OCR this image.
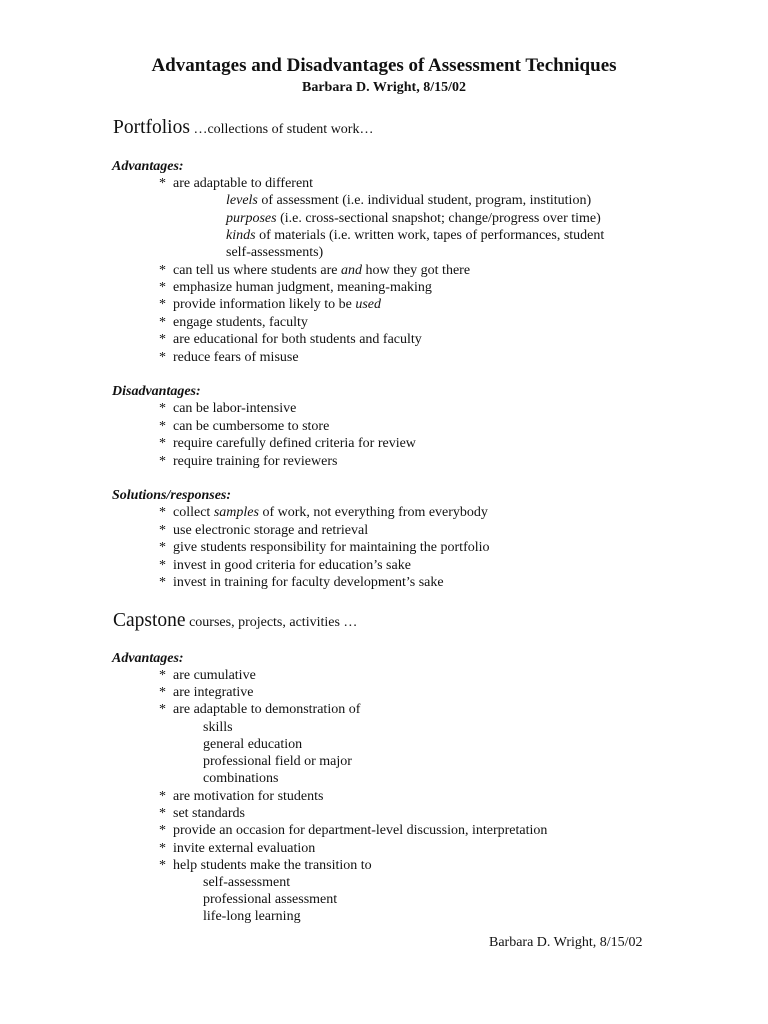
Advantages and Disadvantages of Assessment Techniques
Barbara D. Wright, 8/15/02
Portfolios …collections of student work…
Advantages:
* are adaptable to different
levels of assessment (i.e. individual student, program, institution)
purposes (i.e. cross-sectional snapshot; change/progress over time)
kinds of materials (i.e. written work, tapes of performances, student
self-assessments)
* can tell us where students are and how they got there
* emphasize human judgment, meaning-making
* provide information likely to be used
* engage students, faculty
* are educational for both students and faculty
* reduce fears of misuse
Disadvantages:
* can be labor-intensive
* can be cumbersome to store
* require carefully defined criteria for review
* require training for reviewers
Solutions/responses:
* collect samples of work, not everything from everybody
* use electronic storage and retrieval
* give students responsibility for maintaining the portfolio
* invest in good criteria for education’s sake
* invest in training for faculty development’s sake
Capstone courses, projects, activities …
Advantages:
* are cumulative
* are integrative
* are adaptable to demonstration of
skills
general education
professional field or major
combinations
* are motivation for students
* set standards
* provide an occasion for department-level discussion, interpretation
* invite external evaluation
* help students make the transition to
self-assessment
professional assessment
life-long learning
Barbara D. Wright, 8/15/02
